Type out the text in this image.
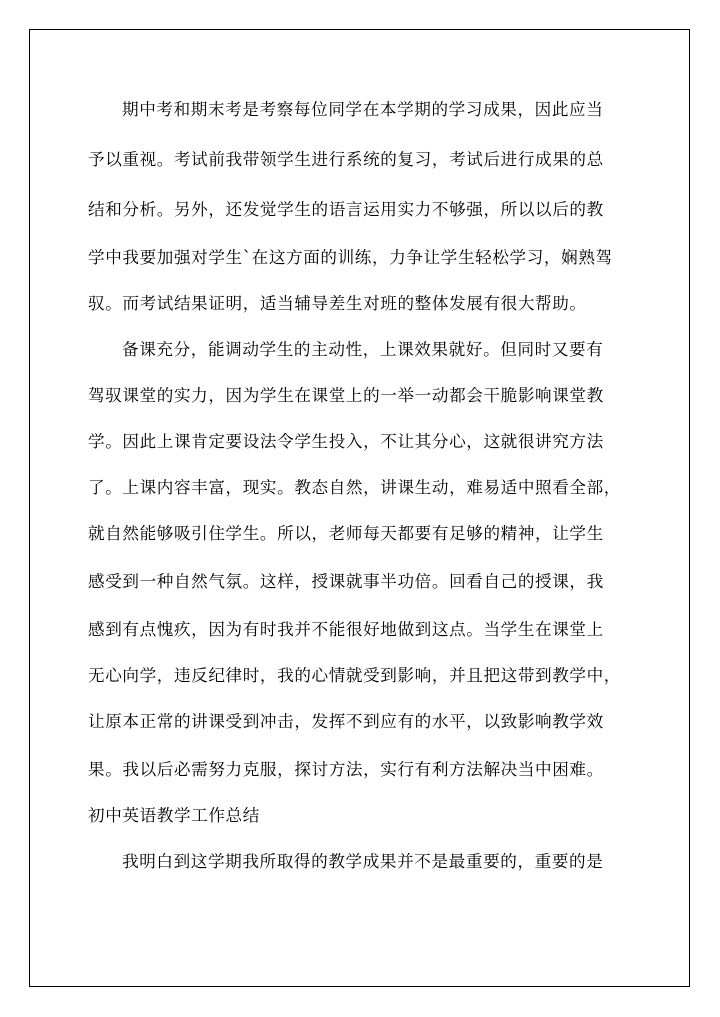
期中考和期末考是考察每位同学在本学期的学习成果，因此应当
予以重视。考试前我带领学生进行系统的复习，考试后进行成果的总
结和分析。另外，还发觉学生的语言运用实力不够强，所以以后的教
学中我要加强对学生`在这方面的训练，力争让学生轻松学习，娴熟驾
驭。而考试结果证明，适当辅导差生对班的整体发展有很大帮助。
备课充分，能调动学生的主动性，上课效果就好。但同时又要有
驾驭课堂的实力，因为学生在课堂上的一举一动都会干脆影响课堂教
学。因此上课肯定要设法令学生投入，不让其分心，这就很讲究方法
了。上课内容丰富，现实。教态自然，讲课生动，难易适中照看全部，
就自然能够吸引住学生。所以，老师每天都要有足够的精神，让学生
感受到一种自然气氛。这样，授课就事半功倍。回看自己的授课，我
感到有点愧疚，因为有时我并不能很好地做到这点。当学生在课堂上
无心向学，违反纪律时，我的心情就受到影响，并且把这带到教学中，
让原本正常的讲课受到冲击，发挥不到应有的水平，以致影响教学效
果。我以后必需努力克服，探讨方法，实行有利方法解决当中困难。
初中英语教学工作总结
我明白到这学期我所取得的教学成果并不是最重要的，重要的是
